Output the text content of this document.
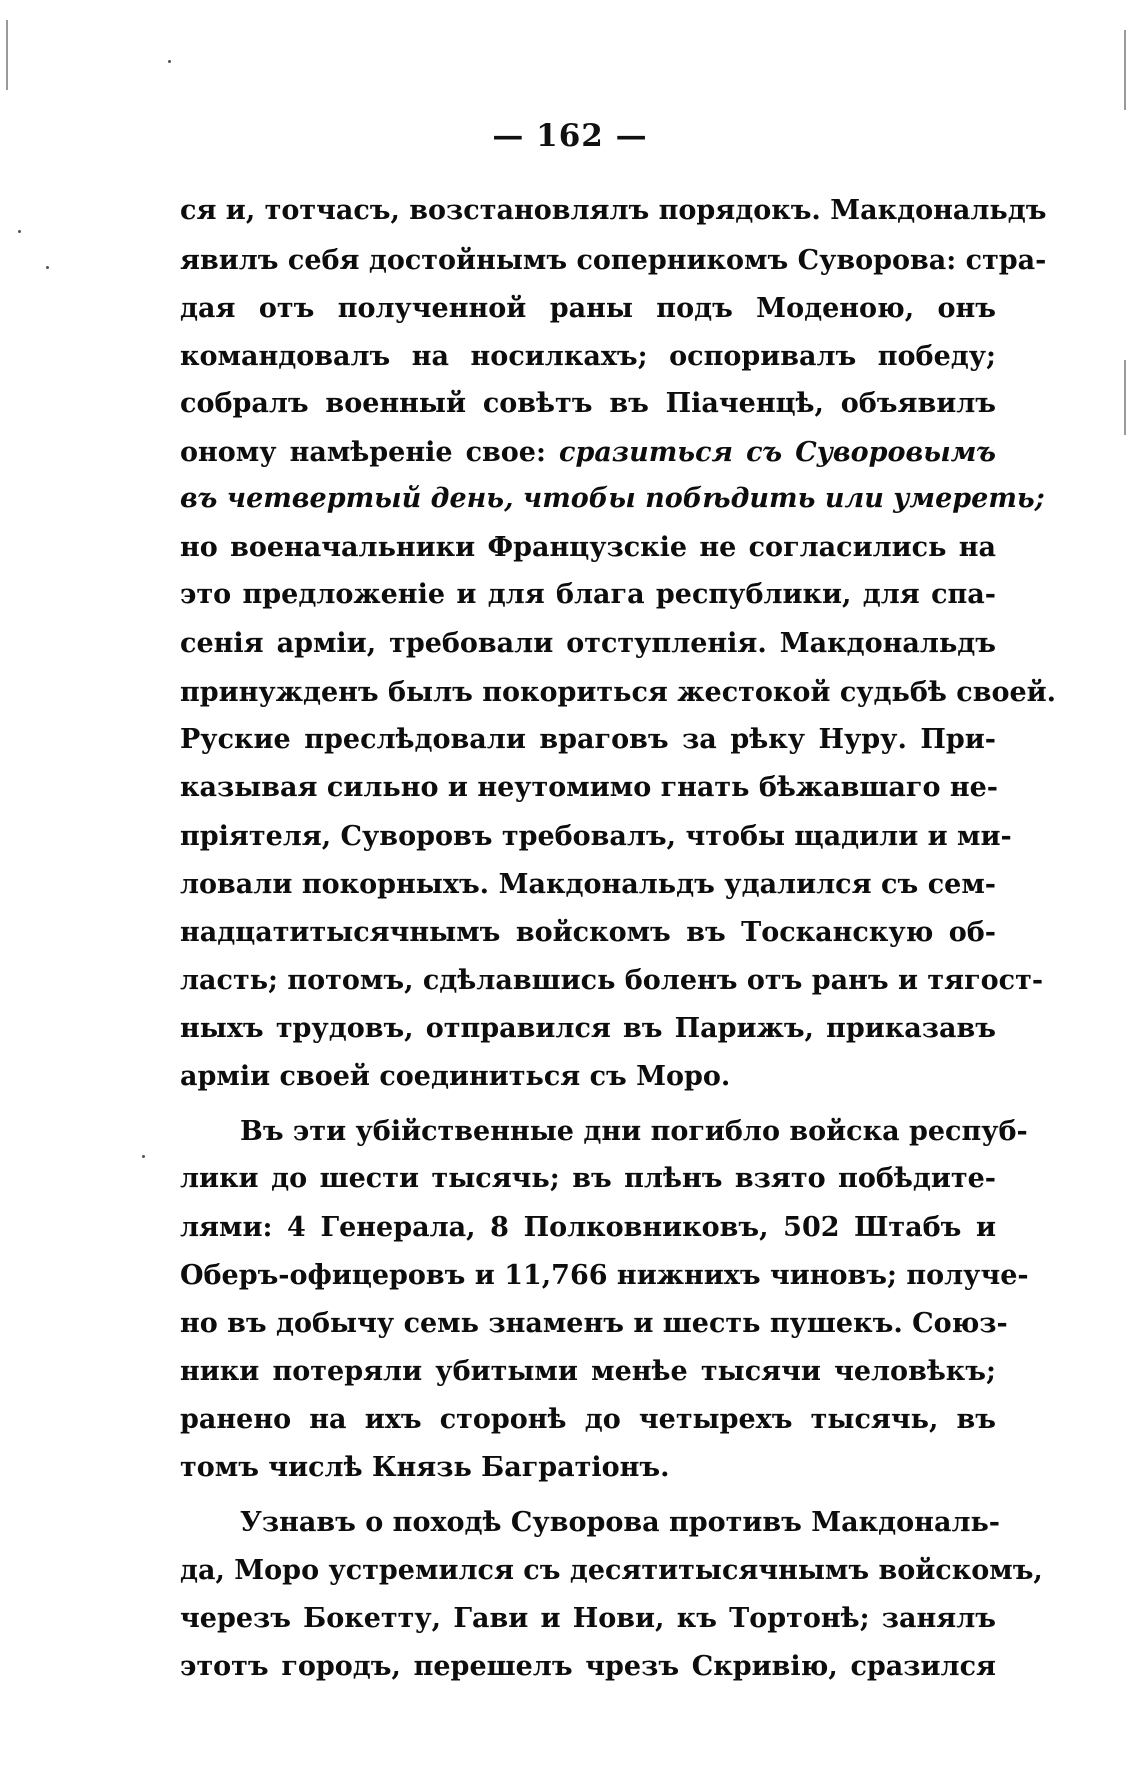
— 162 —
ся и, тотчасъ, возстановлялъ порядокъ. Макдональдъ
явилъ себя достойнымъ соперникомъ Суворова: стра-
дая отъ полученной раны подъ Моденою, онъ
командовалъ на носилкахъ; оспоривалъ победу;
собралъ военный совѣтъ въ Піаченцѣ, объявилъ
оному намѣреніе свое: сразиться съ Суворовымъ
въ четвертый день, чтобы побѣдить или умереть;
но военачальники Французскіе не согласились на
это предложеніе и для блага республики, для спа-
сенія арміи, требовали отступленія. Макдональдъ
принужденъ былъ покориться жестокой судьбѣ своей.
Руские преслѣдовали враговъ за рѣку Нуру. При-
казывая сильно и неутомимо гнать бѣжавшаго не-
пріятеля, Суворовъ требовалъ, чтобы щадили и ми-
ловали покорныхъ. Макдональдъ удалился съ сем-
надцатитысячнымъ войскомъ въ Тосканскую об-
ласть; потомъ, сдѣлавшись боленъ отъ ранъ и тягост-
ныхъ трудовъ, отправился въ Парижъ, приказавъ
арміи своей соединиться съ Моро.
Въ эти убійственные дни погибло войска респуб-
лики до шести тысячь; въ плѣнъ взято побѣдите-
лями: 4 Генерала, 8 Полковниковъ, 502 Штабъ и
Оберъ-офицеровъ и 11,766 нижнихъ чиновъ; получе-
но въ добычу семь знаменъ и шесть пушекъ. Союз-
ники потеряли убитыми менѣе тысячи человѣкъ;
ранено на ихъ сторонѣ до четырехъ тысячь, въ
томъ числѣ Князь Багратіонъ.
Узнавъ о походѣ Суворова противъ Макдональ-
да, Моро устремился съ десятитысячнымъ войскомъ,
черезъ Бокетту, Гави и Нови, къ Тортонѣ; занялъ
этотъ городъ, перешелъ чрезъ Скривію, сразился
